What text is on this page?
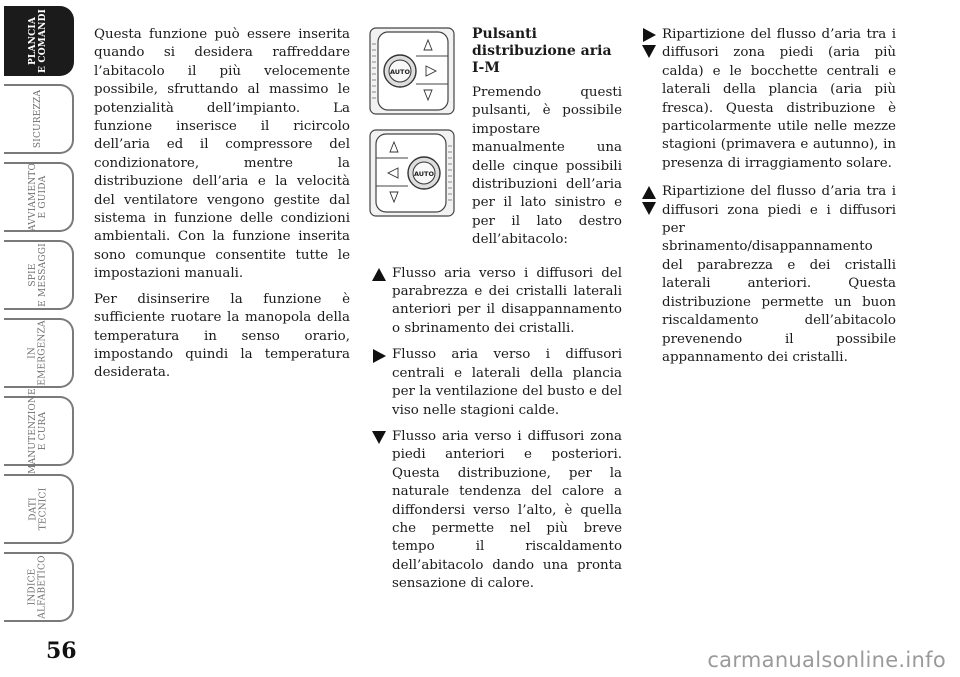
PLANCIA
E COMANDI
SICUREZZA

AVVIAMENTO
E GUIDA
SPIE
E MESSAGGI
IN
EMERGENZA
MANUTENZIONE
E CURA
DATI
TECNICI
INDICE
ALFABETICO
56	carmanualsonline.info

Questa funzione può essere inserita quando si desidera raffreddare l’abitacolo il più velocemente possibile, sfruttando al massimo le potenzialità dell’impianto. La funzione inserisce il ricircolo dell’aria ed il compressore del condizionatore, mentre la distribuzione dell’aria e la velocità del ventilatore vengono gestite dal sistema in funzione delle condizioni ambientali. Con la funzione inserita sono comunque consentite tutte le impostazioni manuali.

Per disinserire la funzione è sufficiente ruotare la manopola della temperatura in senso orario, impostando quindi la temperatura desiderata.

AUTO

AUTO

Pulsanti distribuzione aria I-M

Premendo questi pulsanti, è possibile impostare manualmente una delle cinque possibili distribuzioni dell’aria per il lato sinistro e per il lato destro dell’abitacolo:

Flusso aria verso i diffusori del parabrezza e dei cristalli laterali anteriori per il disappannamento o sbrinamento dei cristalli.
Flusso aria verso i diffusori centrali e laterali della plancia per la ventilazione del busto e del viso nelle stagioni calde.
Flusso aria verso i diffusori zona piedi anteriori e posteriori. Questa distribuzione, per la naturale tendenza del calore a diffondersi verso l’alto, è quella che permette nel più breve tempo il riscaldamento dell’abitacolo dando una pronta sensazione di calore.
Ripartizione del flusso d’aria tra i diffusori zona piedi (aria più calda) e le bocchette centrali e laterali della plancia (aria più fresca). Questa distribuzione è particolarmente utile nelle mezze stagioni (primavera e autunno), in presenza di irraggiamento solare.
Ripartizione del flusso d’aria tra i diffusori zona piedi e i diffusori per sbrinamento/disappannamento del parabrezza e dei cristalli laterali anteriori. Questa distribuzione permette un buon riscaldamento dell’abitacolo prevenendo il possibile appannamento dei cristalli.
